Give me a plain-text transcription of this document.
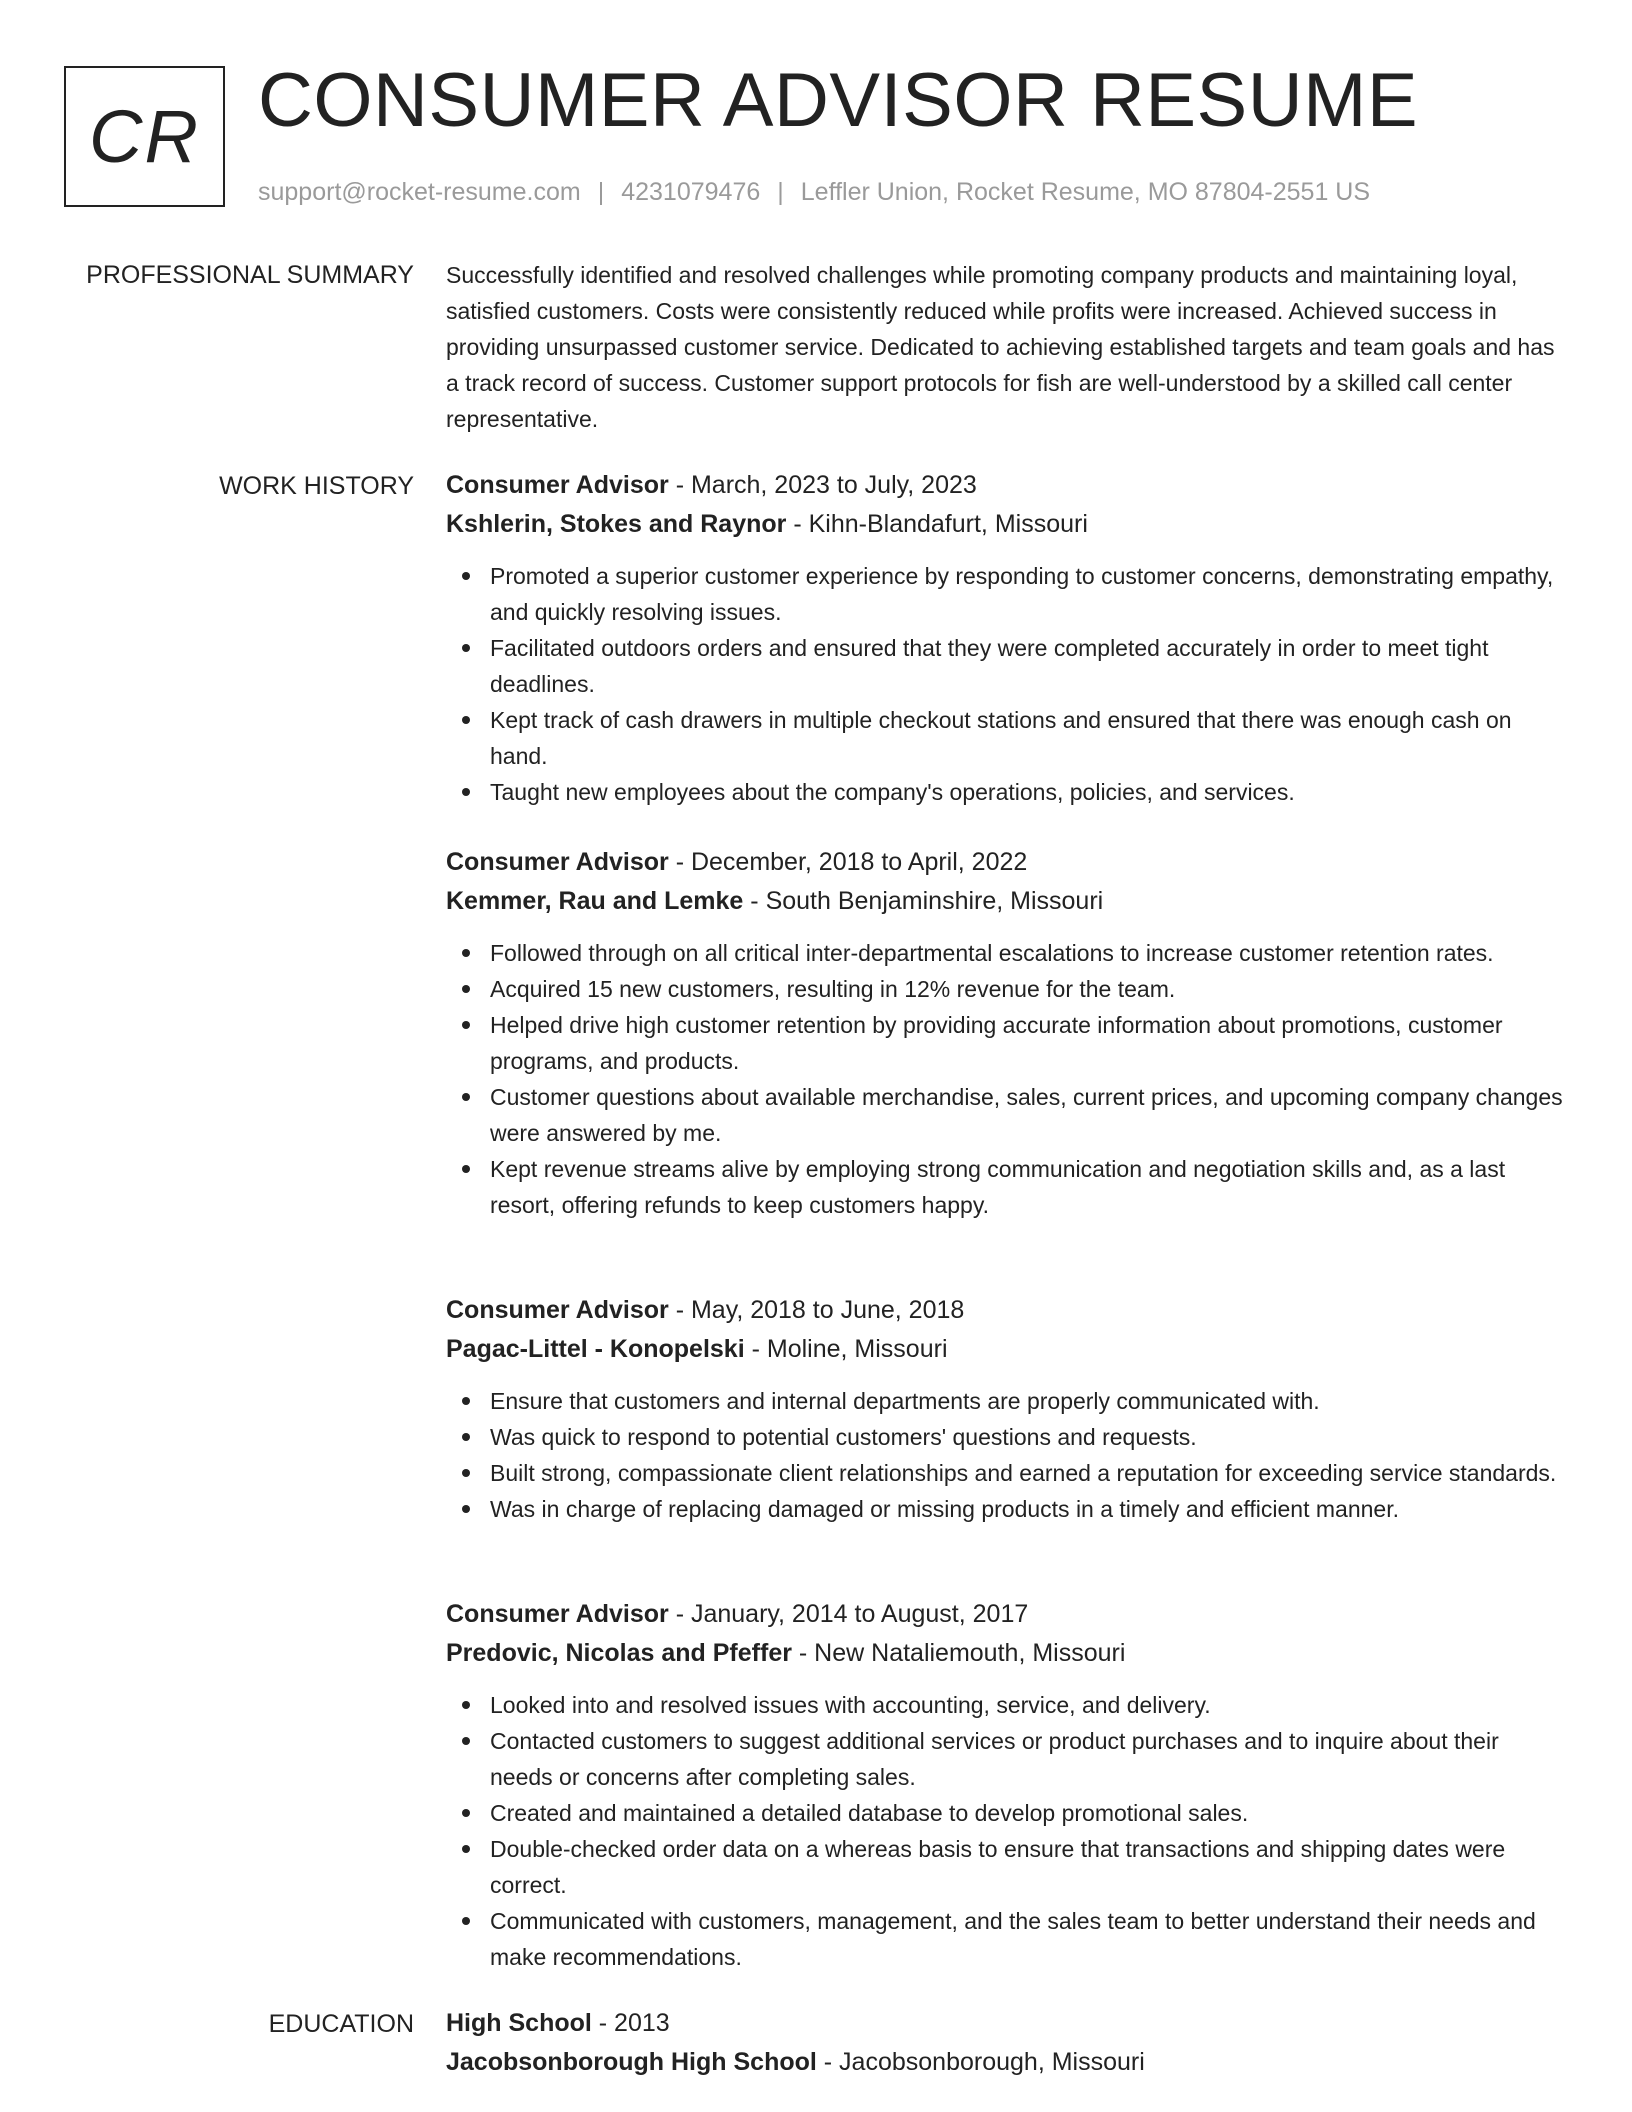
CR CONSUMER ADVISOR RESUME
support@rocket-resume.com | 4231079476 | Leffler Union, Rocket Resume, MO 87804-2551 US
PROFESSIONAL SUMMARY Successfully identified and resolved challenges while promoting company products and maintaining loyal, satisfied customers. Costs were consistently reduced while profits were increased. Achieved success in providing unsurpassed customer service. Dedicated to achieving established targets and team goals and has a track record of success. Customer support protocols for fish are well-understood by a skilled call center representative.

WORK HISTORY Consumer Advisor - March, 2023 to July, 2023
Kshlerin, Stokes and Raynor - Kihn-Blandafurt, Missouri
Promoted a superior customer experience by responding to customer concerns, demonstrating empathy, and quickly resolving issues.
Facilitated outdoors orders and ensured that they were completed accurately in order to meet tight deadlines.
Kept track of cash drawers in multiple checkout stations and ensured that there was enough cash on hand.
Taught new employees about the company's operations, policies, and services.
Consumer Advisor - December, 2018 to April, 2022
Kemmer, Rau and Lemke - South Benjaminshire, Missouri
Followed through on all critical inter-departmental escalations to increase customer retention rates.
Acquired 15 new customers, resulting in 12% revenue for the team.
Helped drive high customer retention by providing accurate information about promotions, customer programs, and products.
Customer questions about available merchandise, sales, current prices, and upcoming company changes were answered by me.
Kept revenue streams alive by employing strong communication and negotiation skills and, as a last resort, offering refunds to keep customers happy.
Consumer Advisor - May, 2018 to June, 2018
Pagac-Littel - Konopelski - Moline, Missouri
Ensure that customers and internal departments are properly communicated with.
Was quick to respond to potential customers' questions and requests.
Built strong, compassionate client relationships and earned a reputation for exceeding service standards.
Was in charge of replacing damaged or missing products in a timely and efficient manner.
Consumer Advisor - January, 2014 to August, 2017
Predovic, Nicolas and Pfeffer - New Nataliemouth, Missouri
Looked into and resolved issues with accounting, service, and delivery.
Contacted customers to suggest additional services or product purchases and to inquire about their needs or concerns after completing sales.
Created and maintained a detailed database to develop promotional sales.
Double-checked order data on a whereas basis to ensure that transactions and shipping dates were correct.
Communicated with customers, management, and the sales team to better understand their needs and make recommendations.
EDUCATION High School - 2013
Jacobsonborough High School - Jacobsonborough, Missouri
